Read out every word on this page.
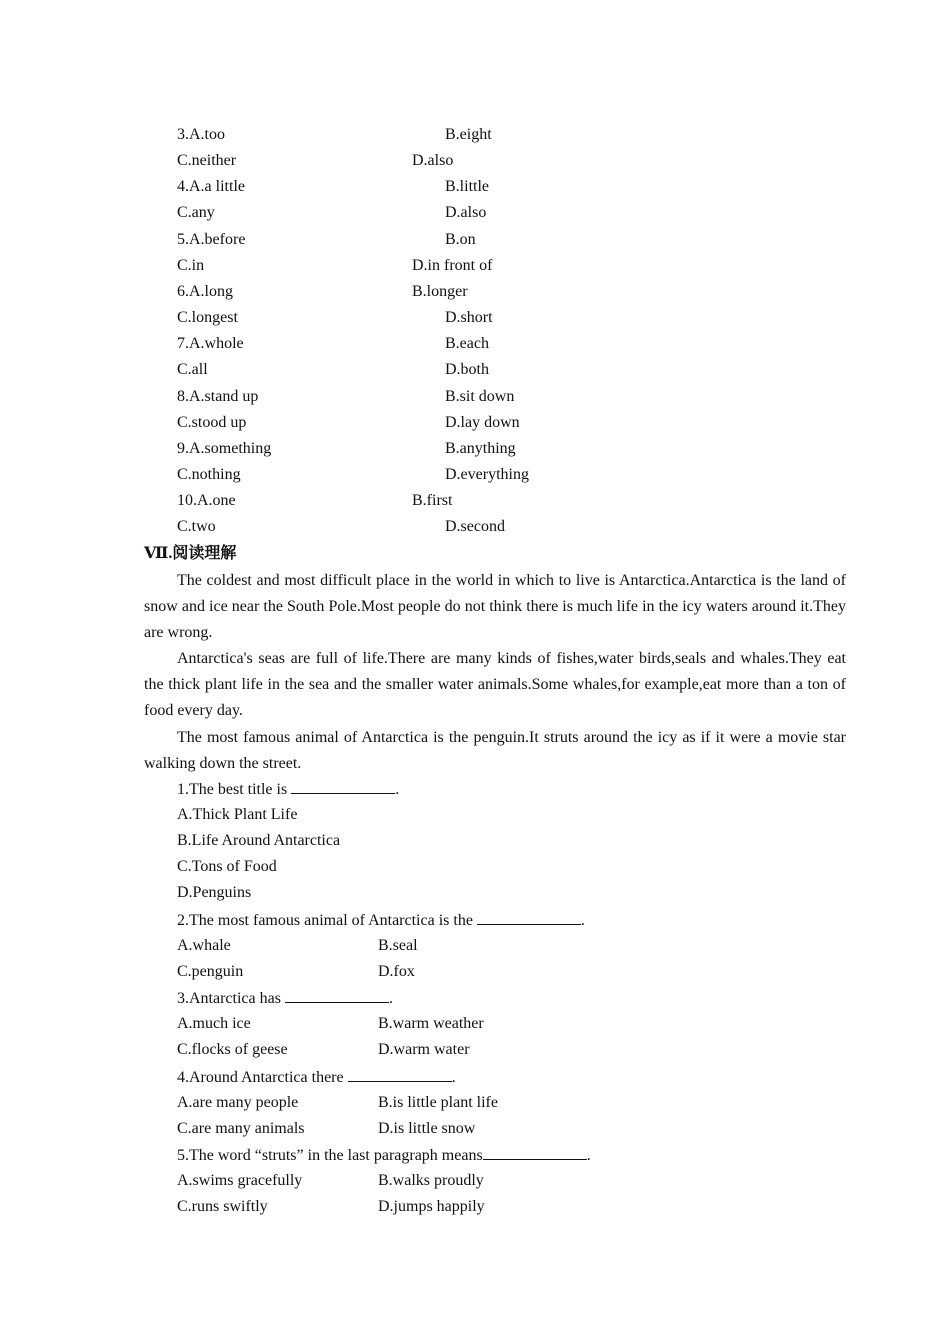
3.A.too	B.eight
C.neither	D.also
4.A.a little	B.little
C.any	D.also
5.A.before	B.on
C.in	D.in front of
6.A.long	B.longer
C.longest	D.short
7.A.whole	B.each
C.all	D.both
8.A.stand up	B.sit down
C.stood up	D.lay down
9.A.something	B.anything
C.nothing	D.everything
10.A.one	B.first
C.two	D.second
Ⅶ.阅读理解
The coldest and most difficult place in the world in which to live is Antarctica.Antarctica is the land of snow and ice near the South Pole.Most people do not think there is much life in the icy waters around it.They are wrong.
Antarctica's seas are full of life.There are many kinds of fishes,water birds,seals and whales.They eat the thick plant life in the sea and the smaller water animals.Some whales,for example,eat more than a ton of food every day.
The most famous animal of Antarctica is the penguin.It struts around the icy as if it were a movie star walking down the street.
1.The best title is	.
A.Thick Plant Life
B.Life Around Antarctica
C.Tons of Food
D.Penguins
2.The most famous animal of Antarctica is the	.
A.whale	B.seal
C.penguin	D.fox
3.Antarctica has	.
A.much ice	B.warm weather
C.flocks of geese	D.warm water
4.Around Antarctica there	.
A.are many people	B.is little plant life
C.are many animals	D.is little snow
5.The word “struts” in the last paragraph means	.
A.swims gracefully	B.walks proudly
C.runs swiftly	D.jumps happily
